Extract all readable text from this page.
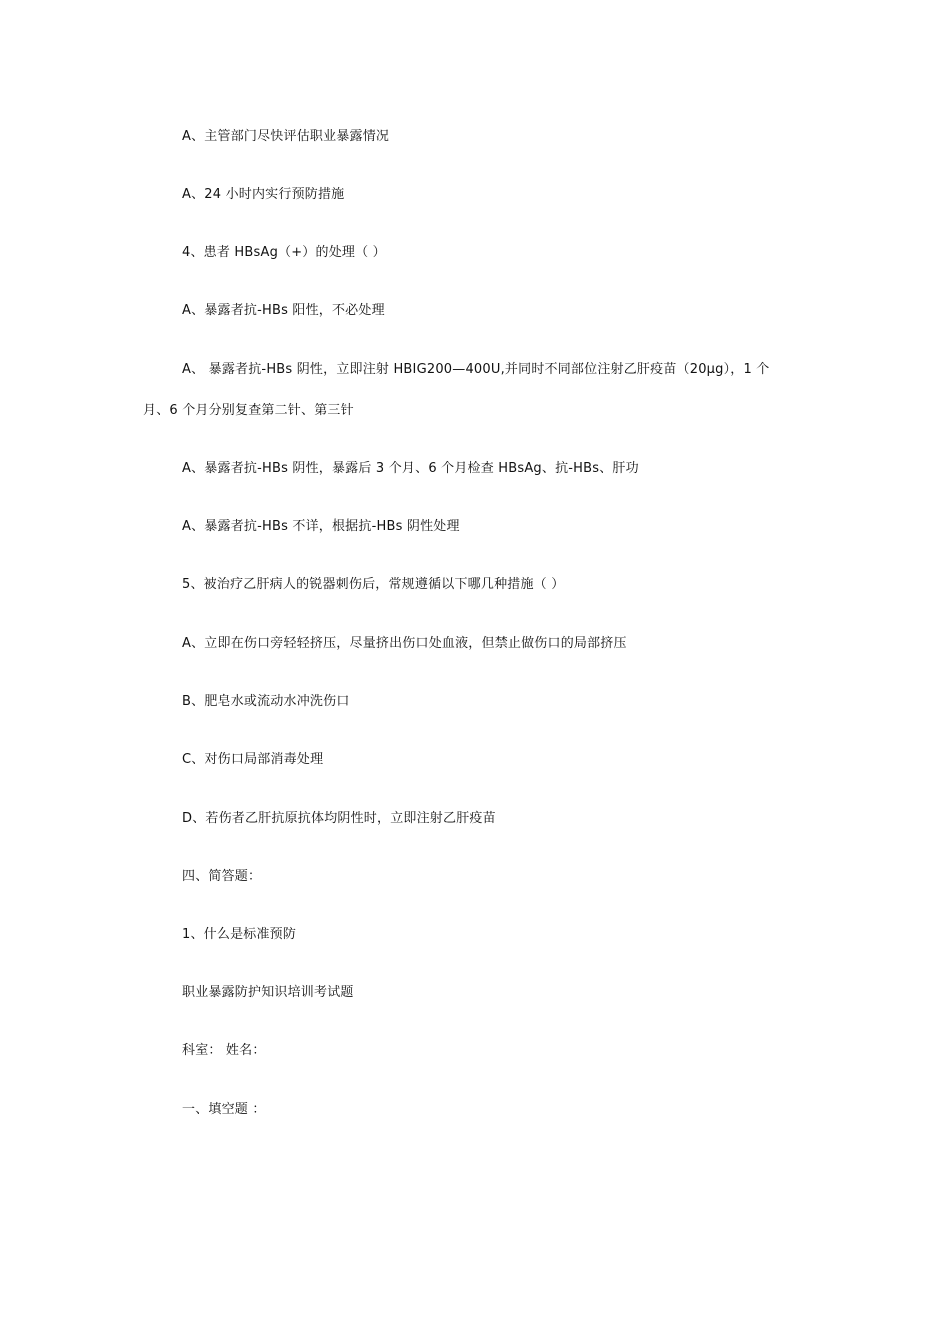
A、主管部门尽快评估职业暴露情况
A、24 小时内实行预防措施
4、患者 HBsAg（+）的处理（ ）
A、暴露者抗-HBs 阳性，不必处理
A、 暴露者抗-HBs 阴性，立即注射 HBIG200—400U,并同时不同部位注射乙肝疫苗（20μg），1 个
月、6 个月分别复查第二针、第三针
A、暴露者抗-HBs 阴性，暴露后 3 个月、6 个月检查 HBsAg、抗-HBs、肝功
A、暴露者抗-HBs 不详，根据抗-HBs 阴性处理
5、被治疗乙肝病人的锐器刺伤后，常规遵循以下哪几种措施（ ）
A、立即在伤口旁轻轻挤压，尽量挤出伤口处血液，但禁止做伤口的局部挤压
B、肥皂水或流动水冲洗伤口
C、对伤口局部消毒处理
D、若伤者乙肝抗原抗体均阴性时，立即注射乙肝疫苗
四、简答题：
1、什么是标准预防
职业暴露防护知识培训考试题
科室： 姓名：
一、填空题 ：
